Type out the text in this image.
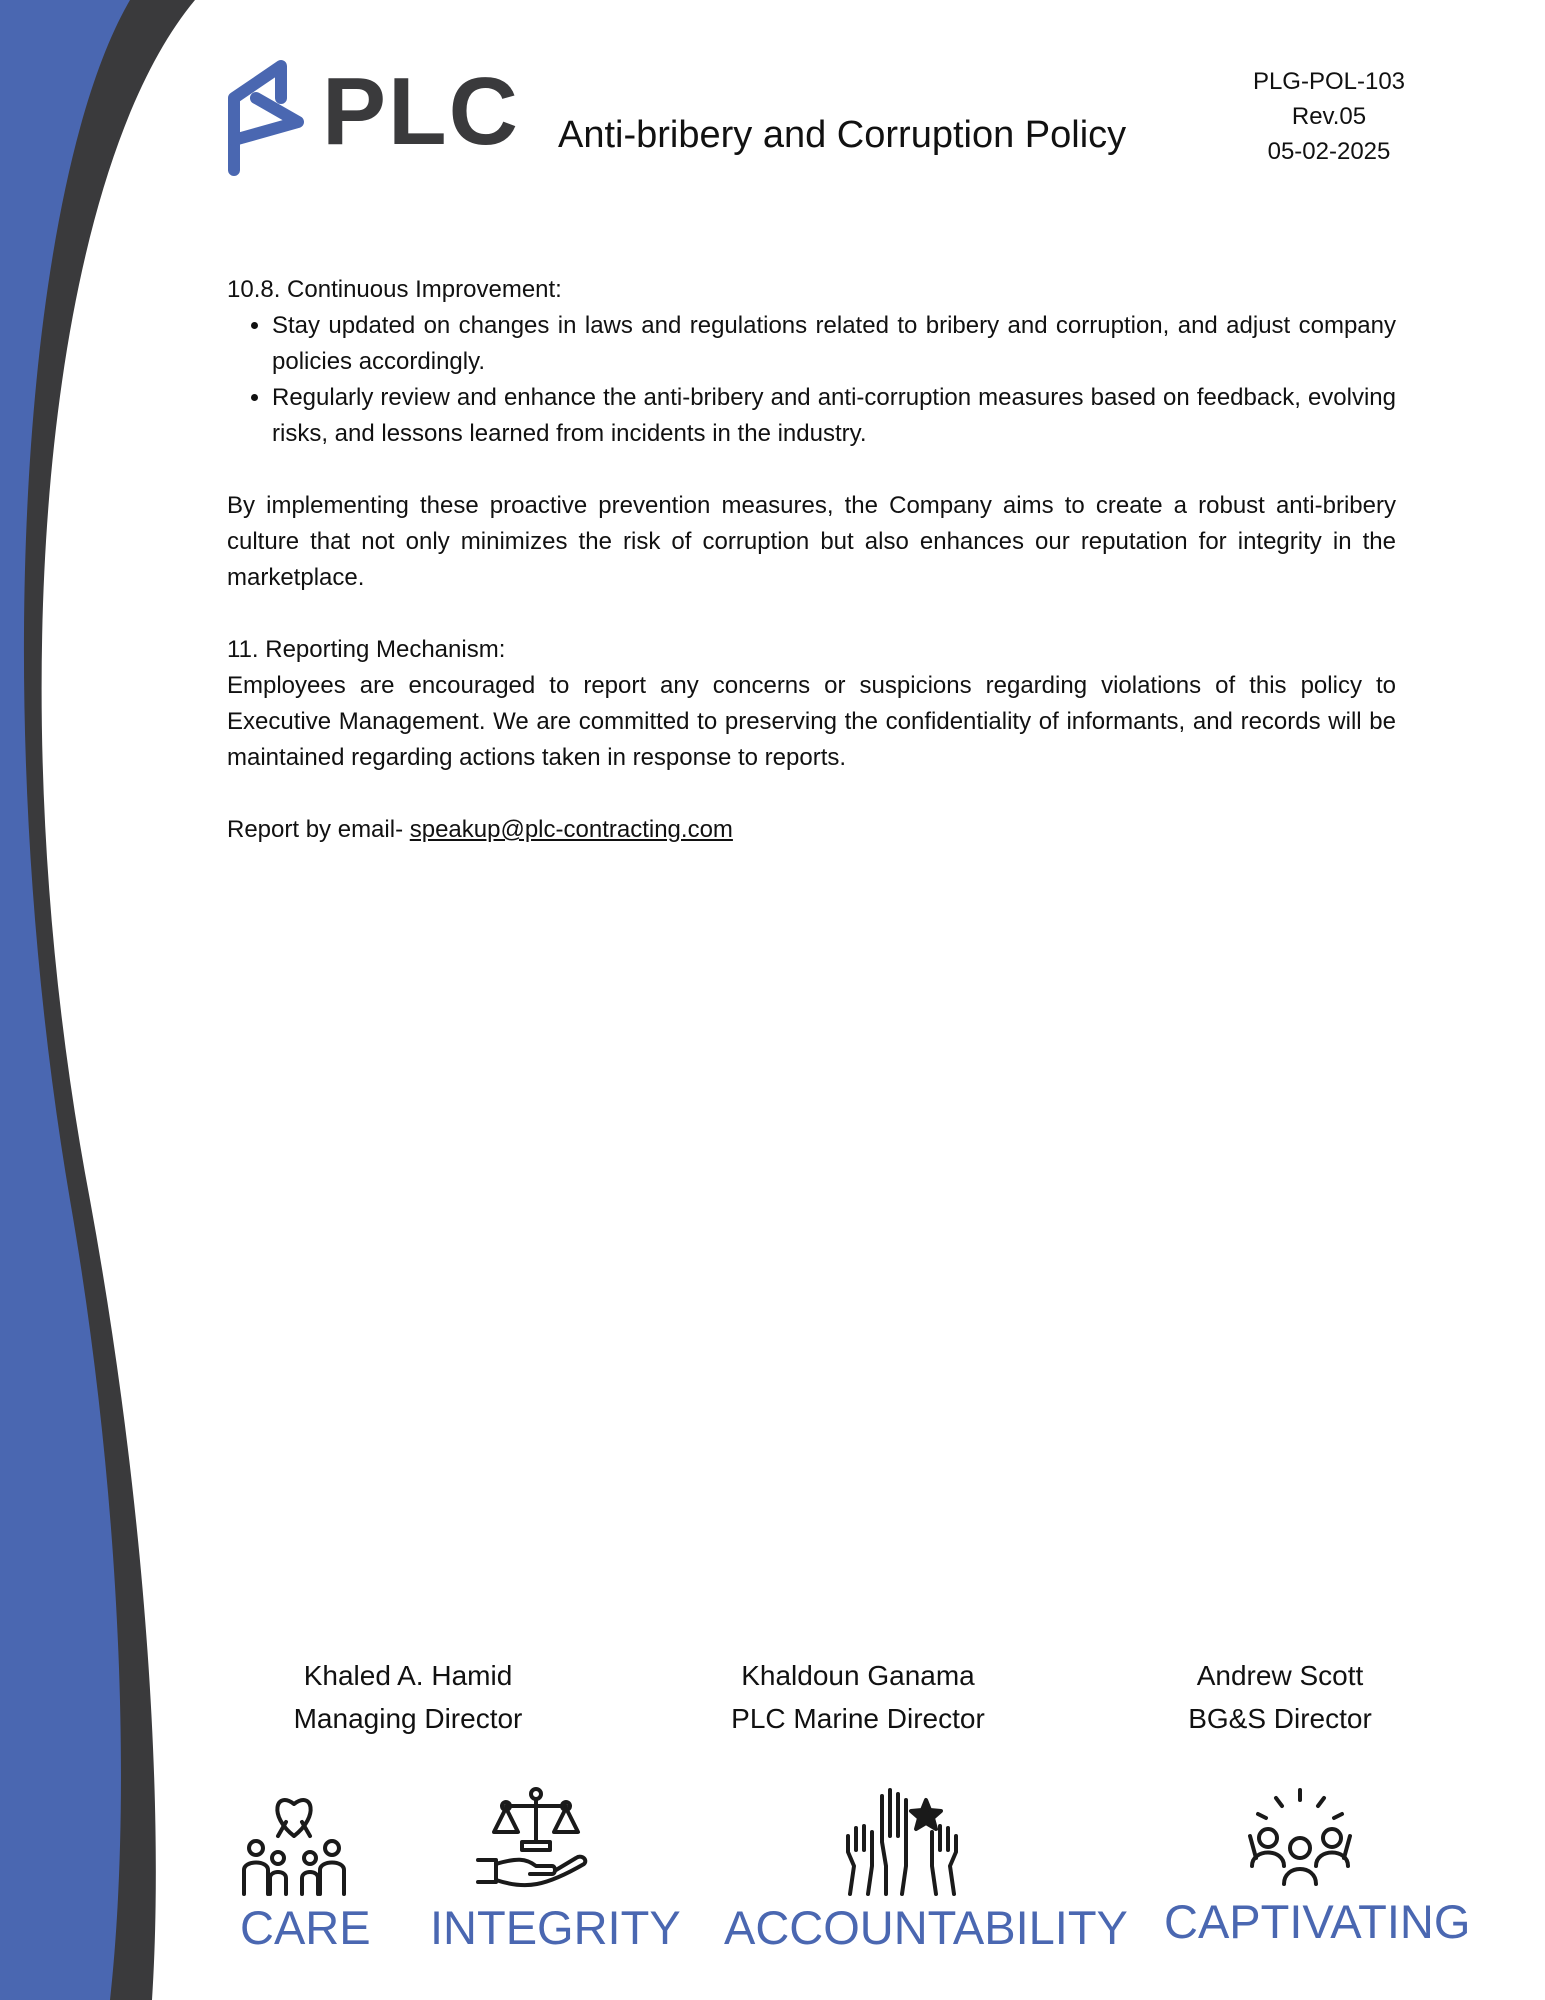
PLC Anti-bribery and Corruption Policy
PLG-POL-103
Rev.05
05-02-2025

10.8. Continuous Improvement:

• Stay updated on changes in laws and regulations related to bribery and corruption, and adjust company policies accordingly.
• Regularly review and enhance the anti-bribery and anti-corruption measures based on feedback, evolving risks, and lessons learned from incidents in the industry.

By implementing these proactive prevention measures, the Company aims to create a robust anti-bribery culture that not only minimizes the risk of corruption but also enhances our reputation for integrity in the marketplace.

11. Reporting Mechanism:

Employees are encouraged to report any concerns or suspicions regarding violations of this policy to Executive Management. We are committed to preserving the confidentiality of informants, and records will be maintained regarding actions taken in response to reports.

Report by email- speakup@plc-contracting.com

Khaled A. Hamid
Managing Director
Khaldoun Ganama
PLC Marine Director
Andrew Scott
BG&S Director
CARE INTEGRITY ACCOUNTABILITY CAPTIVATING
